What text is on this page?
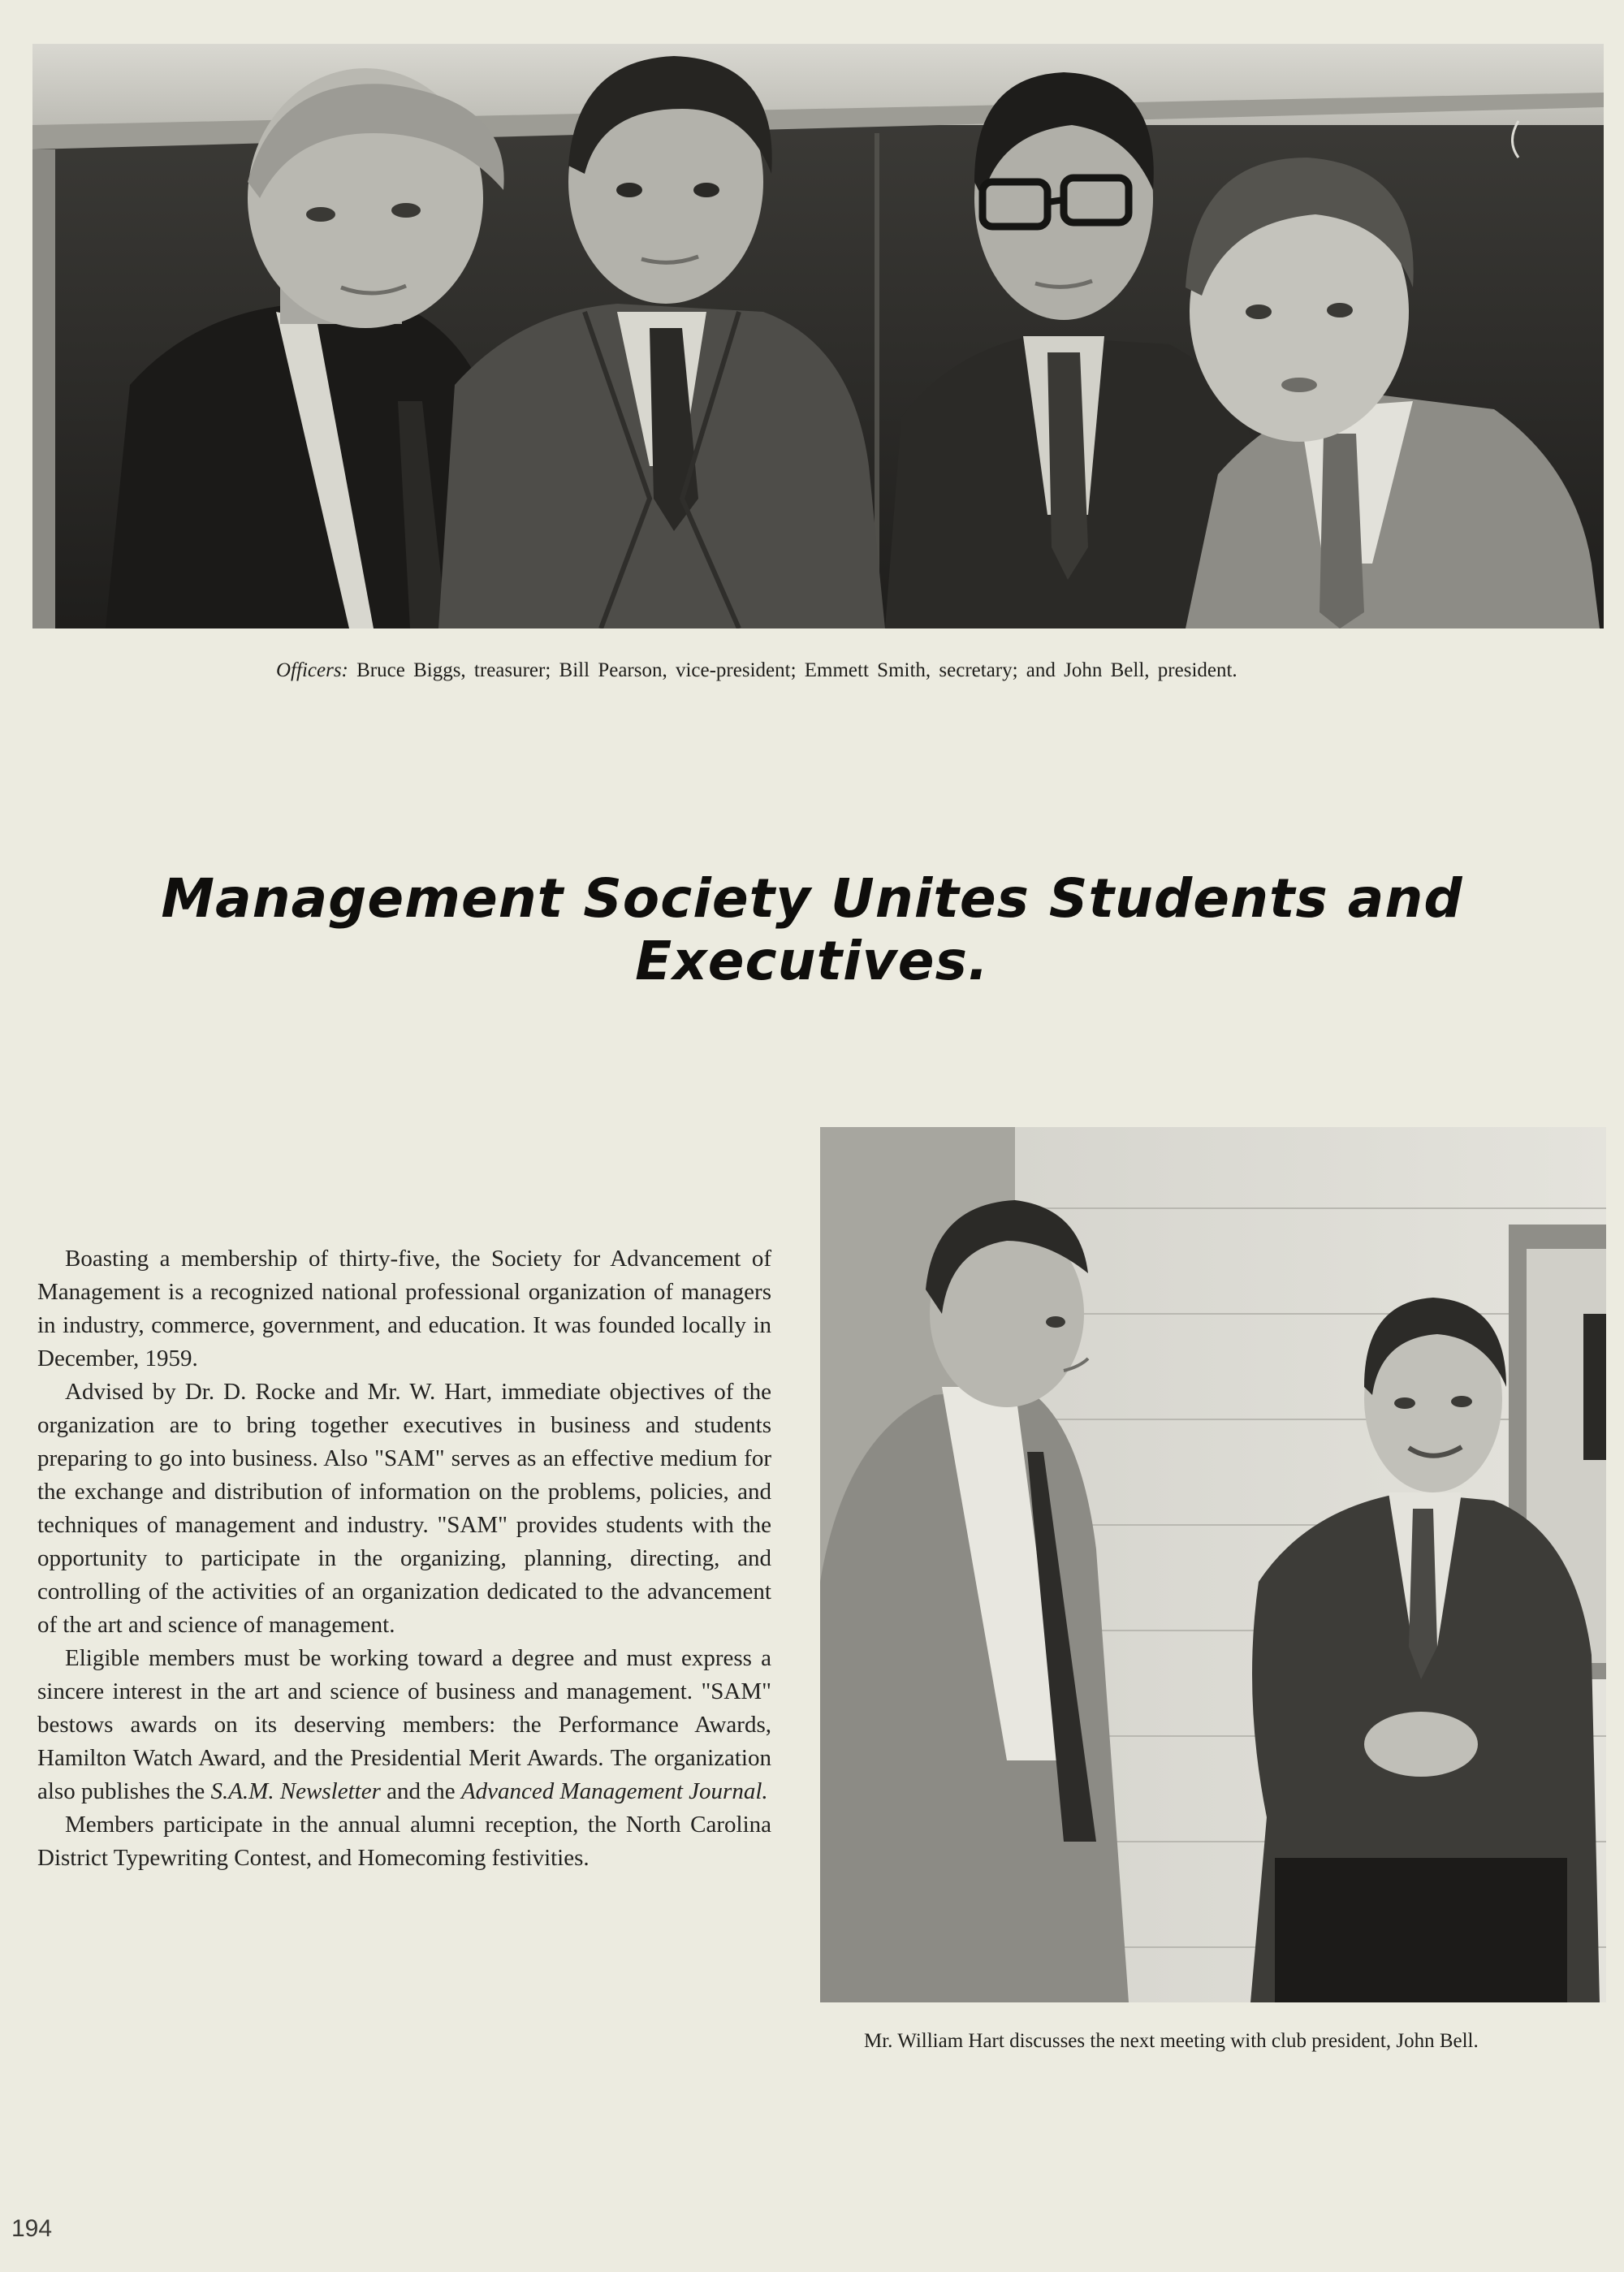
Officers: Bruce Biggs, treasurer; Bill Pearson, vice-president; Emmett Smith, secretary; and John Bell, president.
Management Society Unites Students and Executives.

Boasting a membership of thirty-five, the Society for Advancement of Management is a recognized national professional organization of managers in industry, commerce, government, and education. It was founded locally in December, 1959.

Advised by Dr. D. Rocke and Mr. W. Hart, immediate objectives of the organization are to bring together executives in business and students preparing to go into business. Also "SAM" serves as an effective medium for the exchange and distribution of information on the problems, policies, and techniques of management and industry. "SAM" provides students with the opportunity to participate in the organizing, planning, directing, and controlling of the activities of an organization dedicated to the advancement of the art and science of management.

Eligible members must be working toward a degree and must express a sincere interest in the art and science of business and management. "SAM" bestows awards on its deserving members: the Performance Awards, Hamilton Watch Award, and the Presidential Merit Awards. The organization also publishes the S.A.M. Newsletter and the Advanced Management Journal.

Members participate in the annual alumni reception, the North Carolina District Typewriting Contest, and Homecoming festivities.

Mr. William Hart discusses the next meeting with club president, John Bell.
194
